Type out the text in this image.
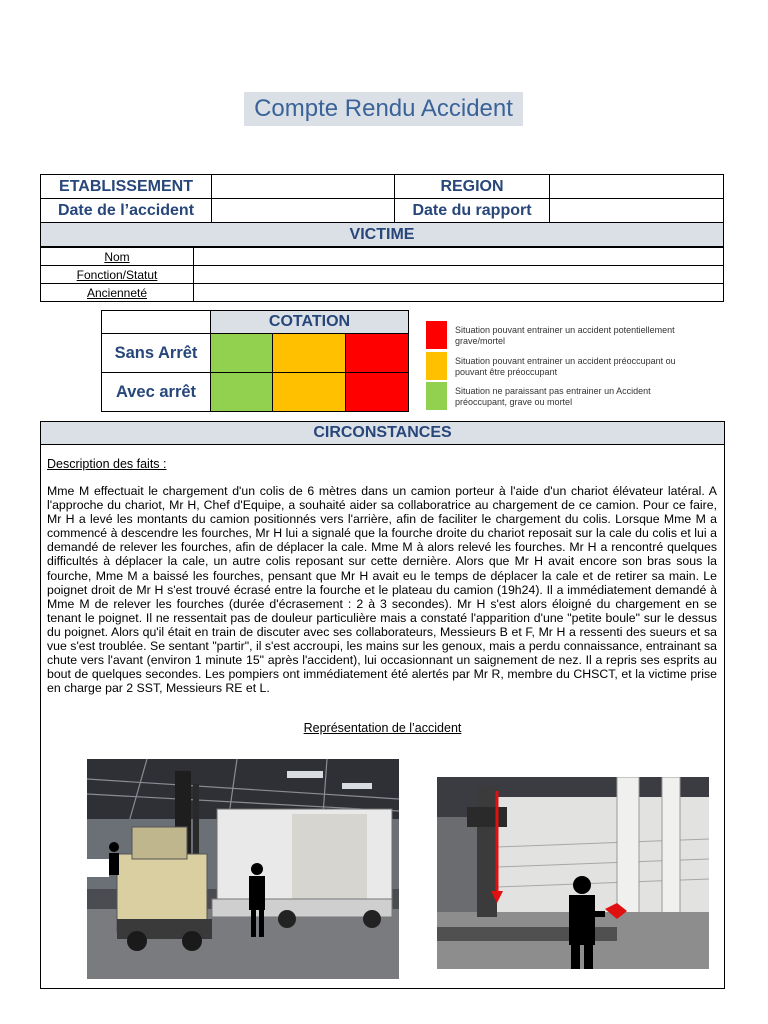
Compte Rendu Accident
ETABLISSEMENT		REGION	
Date de l’accident		Date du rapport	
VICTIME			
Nom	
Fonction/Statut	
Ancienneté	
	COTATION		
Sans Arrêt			
Avec arrêt			
Situation pouvant entrainer un accident potentiellement grave/mortel
Situation pouvant entrainer un accident préoccupant ou pouvant être préoccupant
Situation ne paraissant pas entrainer un Accident préoccupant, grave ou mortel
CIRCONSTANCES
Description des faits :
Mme M effectuait le chargement d'un colis de 6 mètres dans un camion porteur à l'aide d'un chariot élévateur latéral. A l'approche du chariot, Mr H, Chef d'Equipe, a souhaité aider sa collaboratrice au chargement de ce camion. Pour ce faire, Mr H a levé les montants du camion positionnés vers l'arrière, afin de faciliter le chargement du colis. Lorsque Mme M a commencé à descendre les fourches, Mr H lui a signalé que la fourche droite du chariot reposait sur la cale du colis et lui a demandé de relever les fourches, afin de déplacer la cale. Mme M à alors relevé les fourches. Mr H a rencontré quelques difficultés à déplacer la cale, un autre colis reposant sur cette dernière. Alors que Mr H avait encore son bras sous la fourche, Mme M a baissé les fourches, pensant que Mr H avait eu le temps de déplacer la cale et de retirer sa main. Le poignet droit de Mr H s'est trouvé écrasé entre la fourche et le plateau du camion (19h24). Il a immédiatement demandé à Mme M de relever les fourches (durée d'écrasement : 2 à 3 secondes). Mr H s'est alors éloigné du chargement en se tenant le poignet. Il ne ressentait pas de douleur particulière mais a constaté l'apparition d'une "petite boule" sur le dessus du poignet. Alors qu'il était en train de discuter avec ses collaborateurs, Messieurs B et F, Mr H a ressenti des sueurs et sa vue s'est troublée. Se sentant "partir", il s'est accroupi, les mains sur les genoux, mais a perdu connaissance, entrainant sa chute vers l'avant (environ 1 minute 15" après l'accident), lui occasionnant un saignement de nez. Il a repris ses esprits au bout de quelques secondes. Les pompiers ont immédiatement été alertés par Mr R, membre du CHSCT, et la victime prise en charge par 2 SST, Messieurs RE et L.
Représentation de l’accident
